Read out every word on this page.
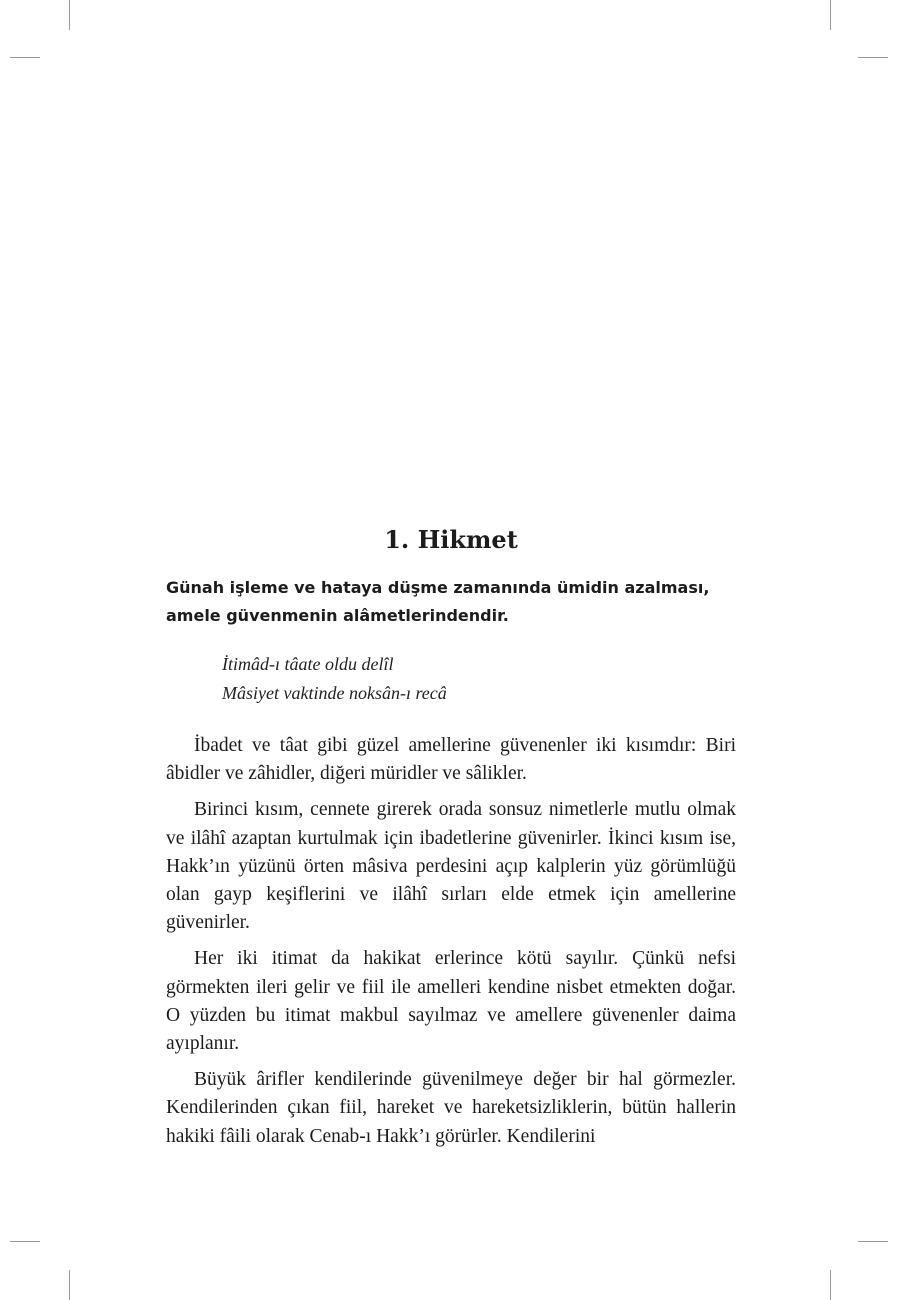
1. Hikmet

Günah işleme ve hataya düşme zamanında ümidin azalması, amele güvenmenin alâmetlerindendir.

İtimâd-ı tâate oldu delîl
Mâsiyet vaktinde noksân-ı recâ

İbadet ve tâat gibi güzel amellerine güvenenler iki kısımdır: Biri âbidler ve zâhidler, diğeri müridler ve sâlikler.

Birinci kısım, cennete girerek orada sonsuz nimetlerle mutlu olmak ve ilâhî azaptan kurtulmak için ibadetlerine güvenirler. İkinci kısım ise, Hakk’ın yüzünü örten mâsiva perdesini açıp kalplerin yüz görümlüğü olan gayp keşiflerini ve ilâhî sırları elde etmek için amellerine güvenirler.

Her iki itimat da hakikat erlerince kötü sayılır. Çünkü nefsi görmekten ileri gelir ve fiil ile amelleri kendine nisbet etmekten doğar. O yüzden bu itimat makbul sayılmaz ve amellere güvenenler daima ayıplanır.

Büyük ârifler kendilerinde güvenilmeye değer bir hal görmezler. Kendilerinden çıkan fiil, hareket ve hareketsizliklerin, bütün hallerin hakiki fâili olarak Cenab-ı Hakk’ı görürler. Kendilerini
